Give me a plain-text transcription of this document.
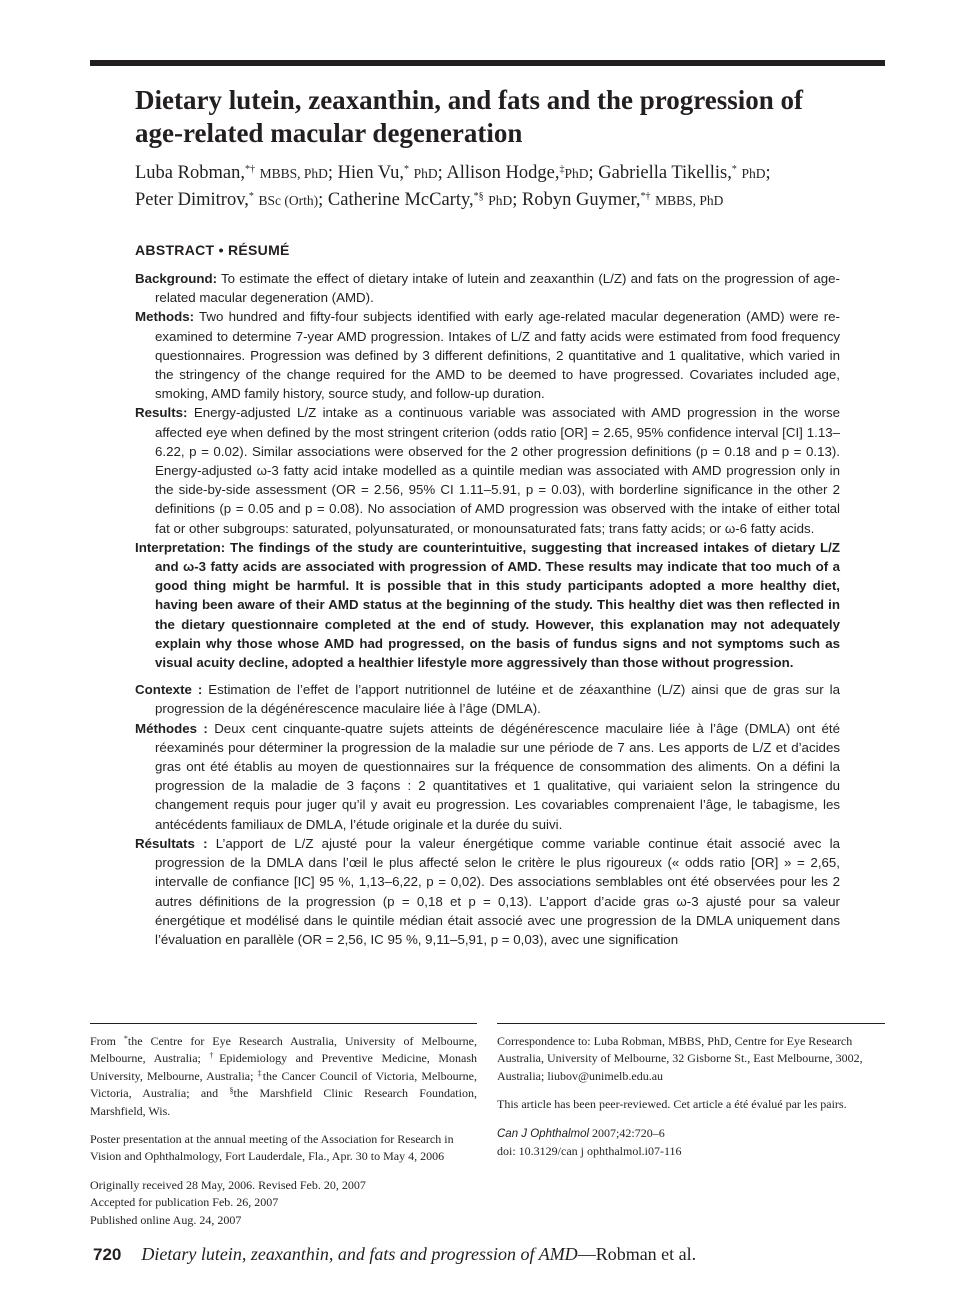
Dietary lutein, zeaxanthin, and fats and the progression of age-related macular degeneration
Luba Robman,*† MBBS, PhD; Hien Vu,* PhD; Allison Hodge,‡PhD; Gabriella Tikellis,* PhD;
Peter Dimitrov,* BSc (Orth); Catherine McCarty,*§ PhD; Robyn Guymer,*† MBBS, PhD
ABSTRACT • RÉSUMÉ

Background: To estimate the effect of dietary intake of lutein and zeaxanthin (L/Z) and fats on the progression of age-related macular degeneration (AMD).

Methods: Two hundred and fifty-four subjects identified with early age-related macular degeneration (AMD) were re-examined to determine 7-year AMD progression. Intakes of L/Z and fatty acids were estimated from food frequency questionnaires. Progression was defined by 3 different definitions, 2 quantitative and 1 qualitative, which varied in the stringency of the change required for the AMD to be deemed to have progressed. Covariates included age, smoking, AMD family history, source study, and follow-up duration.

Results: Energy-adjusted L/Z intake as a continuous variable was associated with AMD progression in the worse affected eye when defined by the most stringent criterion (odds ratio [OR] = 2.65, 95% confidence interval [CI] 1.13–6.22, p = 0.02). Similar associations were observed for the 2 other progression definitions (p = 0.18 and p = 0.13). Energy-adjusted ω-3 fatty acid intake modelled as a quintile median was associated with AMD progression only in the side-by-side assessment (OR = 2.56, 95% CI 1.11–5.91, p = 0.03), with borderline significance in the other 2 definitions (p = 0.05 and p = 0.08). No association of AMD progression was observed with the intake of either total fat or other subgroups: saturated, polyunsaturated, or monounsaturated fats; trans fatty acids; or ω-6 fatty acids.

Interpretation: The findings of the study are counterintuitive, suggesting that increased intakes of dietary L/Z and ω-3 fatty acids are associated with progression of AMD. These results may indicate that too much of a good thing might be harmful. It is possible that in this study participants adopted a more healthy diet, having been aware of their AMD status at the beginning of the study. This healthy diet was then reflected in the dietary questionnaire completed at the end of study. However, this explanation may not adequately explain why those whose AMD had progressed, on the basis of fundus signs and not symptoms such as visual acuity decline, adopted a healthier lifestyle more aggressively than those without progression.

Contexte : Estimation de l’effet de l’apport nutritionnel de lutéine et de zéaxanthine (L/Z) ainsi que de gras sur la progression de la dégénérescence maculaire liée à l’âge (DMLA).

Méthodes : Deux cent cinquante-quatre sujets atteints de dégénérescence maculaire liée à l’âge (DMLA) ont été réexaminés pour déterminer la progression de la maladie sur une période de 7 ans. Les apports de L/Z et d’acides gras ont été établis au moyen de questionnaires sur la fréquence de consommation des aliments. On a défini la progression de la maladie de 3 façons : 2 quantitatives et 1 qualitative, qui variaient selon la stringence du changement requis pour juger qu’il y avait eu progression. Les covariables comprenaient l’âge, le tabagisme, les antécédents familiaux de DMLA, l’étude originale et la durée du suivi.

Résultats : L’apport de L/Z ajusté pour la valeur énergétique comme variable continue était associé avec la progression de la DMLA dans l’œil le plus affecté selon le critère le plus rigoureux (« odds ratio [OR] » = 2,65, intervalle de confiance [IC] 95 %, 1,13–6,22, p = 0,02). Des associations semblables ont été observées pour les 2 autres définitions de la progression (p = 0,18 et p = 0,13). L’apport d’acide gras ω-3 ajusté pour sa valeur énergétique et modélisé dans le quintile médian était associé avec une progression de la DMLA uniquement dans l’évaluation en parallèle (OR = 2,56, IC 95 %, 9,11–5,91, p = 0,03), avec une signification

From *the Centre for Eye Research Australia, University of Melbourne, Melbourne, Australia; †Epidemiology and Preventive Medicine, Monash University, Melbourne, Australia; ‡the Cancer Council of Victoria, Melbourne, Victoria, Australia; and §the Marshfield Clinic Research Foundation, Marshfield, Wis.

Poster presentation at the annual meeting of the Association for Research in Vision and Ophthalmology, Fort Lauderdale, Fla., Apr. 30 to May 4, 2006

Originally received 28 May, 2006. Revised Feb. 20, 2007
Accepted for publication Feb. 26, 2007
Published online Aug. 24, 2007

Correspondence to: Luba Robman, MBBS, PhD, Centre for Eye Research Australia, University of Melbourne, 32 Gisborne St., East Melbourne, 3002, Australia; liubov@unimelb.edu.au

This article has been peer-reviewed. Cet article a été évalué par les pairs.

Can J Ophthalmol 2007;42:720–6
doi: 10.3129/can j ophthalmol.i07-116
720 Dietary lutein, zeaxanthin, and fats and progression of AMD—Robman et al.
